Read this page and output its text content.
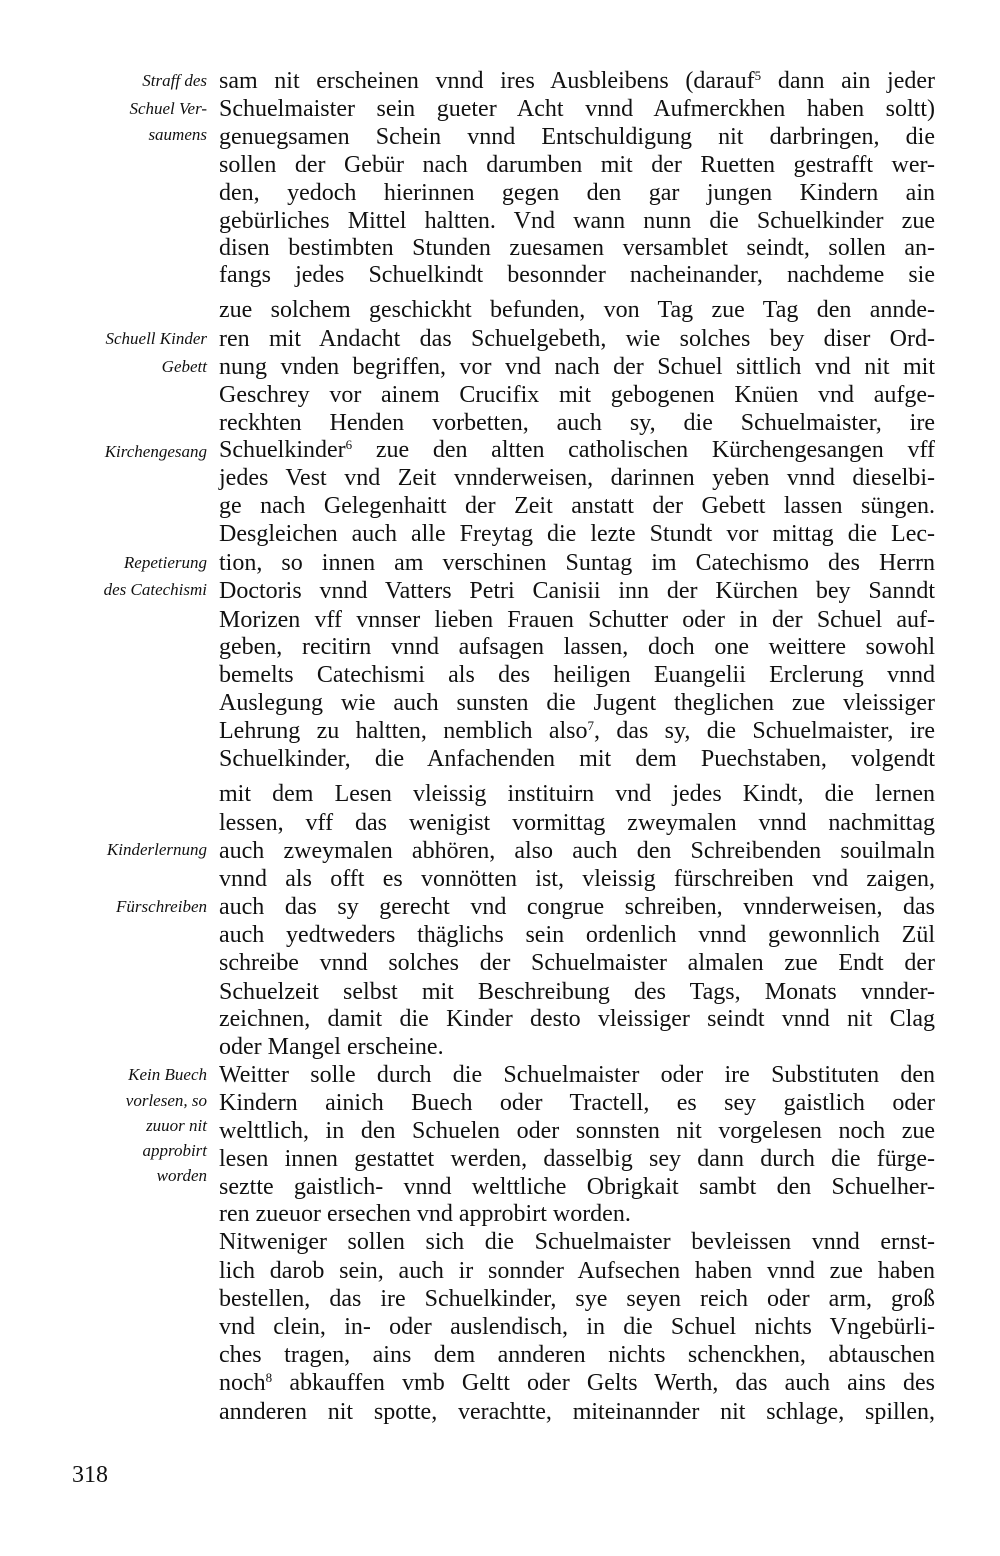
Straff des
Schuel Ver-
saumens
Schuell Kinder
Gebett
Kirchengesang
Repetierung
des Catechismi
Kinderlernung
Fürschreiben
Kein Buech
vorlesen, so
zuuor nit
approbirt
worden
sam nit erscheinen vnnd ires Ausbleibens (darauf$^5$ dann ain jeder
Schuelmaister sein gueter Acht vnnd Aufmerckhen haben soltt)
genuegsamen Schein vnnd Entschuldigung nit darbringen, die
sollen der Gebür nach darumben mit der Ruetten gestrafft wer-
den, yedoch hierinnen gegen den gar jungen Kindern ain
gebürliches Mittel haltten. Vnd wann nunn die Schuelkinder zue
disen bestimbten Stunden zuesamen versamblet seindt, sollen an-
fangs jedes Schuelkindt besonnder nacheinander, nachdeme sie
zue solchem geschickht befunden, von Tag zue Tag den annde-
ren mit Andacht das Schuelgebeth, wie solches bey diser Ord-
nung vnden begriffen, vor vnd nach der Schuel sittlich vnd nit mit
Geschrey vor ainem Crucifix mit gebogenen Knüen vnd aufge-
reckhten Henden vorbetten, auch sy, die Schuelmaister, ire
Schuelkinder$^6$ zue den altten catholischen Kürchengesangen vff
jedes Vest vnd Zeit vnnderweisen, darinnen yeben vnnd dieselbi-
ge nach Gelegenhaitt der Zeit anstatt der Gebett lassen süngen.
Desgleichen auch alle Freytag die lezte Stundt vor mittag die Lec-
tion, so innen am verschinen Suntag im Catechismo des Herrn
Doctoris vnnd Vatters Petri Canisii inn der Kürchen bey Sanndt
Morizen vff vnnser lieben Frauen Schutter oder in der Schuel auf-
geben, recitirn vnnd aufsagen lassen, doch one weittere sowohl
bemelts Catechismi als des heiligen Euangelii Erclerung vnnd
Auslegung wie auch sunsten die Jugent theglichen zue vleissiger
Lehrung zu haltten, nemblich also$^7$, das sy, die Schuelmaister, ire
Schuelkinder, die Anfachenden mit dem Puechstaben, volgendt
mit dem Lesen vleissig instituirn vnd jedes Kindt, die lernen
lessen, vff das wenigist vormittag zweymalen vnnd nachmittag
auch zweymalen abhören, also auch den Schreibenden souilmaln
vnnd als offt es vonnötten ist, vleissig fürschreiben vnd zaigen,
auch das sy gerecht vnd congrue schreiben, vnnderweisen, das
auch yedtweders thäglichs sein ordenlich vnnd gewonnlich Zül
schreibe vnnd solches der Schuelmaister almalen zue Endt der
Schuelzeit selbst mit Beschreibung des Tags, Monats vnnder-
zeichnen, damit die Kinder desto vleissiger seindt vnnd nit Clag
oder Mangel erscheine.
Weitter solle durch die Schuelmaister oder ire Substituten den
Kindern ainich Buech oder Tractell, es sey gaistlich oder
welttlich, in den Schuelen oder sonnsten nit vorgelesen noch zue
lesen innen gestattet werden, dasselbig sey dann durch die fürge-
seztte gaistlich- vnnd welttliche Obrigkait sambt den Schuelher-
ren zueuor ersechen vnd approbirt worden.
Nitweniger sollen sich die Schuelmaister bevleissen vnnd ernst-
lich darob sein, auch ir sonnder Aufsechen haben vnnd zue haben
bestellen, das ire Schuelkinder, sye seyen reich oder arm, groß
vnd clein, in- oder auslendisch, in die Schuel nichts Vngebürli-
ches tragen, ains dem annderen nichts schenckhen, abtauschen
noch$^8$ abkauffen vmb Geltt oder Gelts Werth, das auch ains des
annderen nit spotte, verachtte, miteinannder nit schlage, spillen,
318
